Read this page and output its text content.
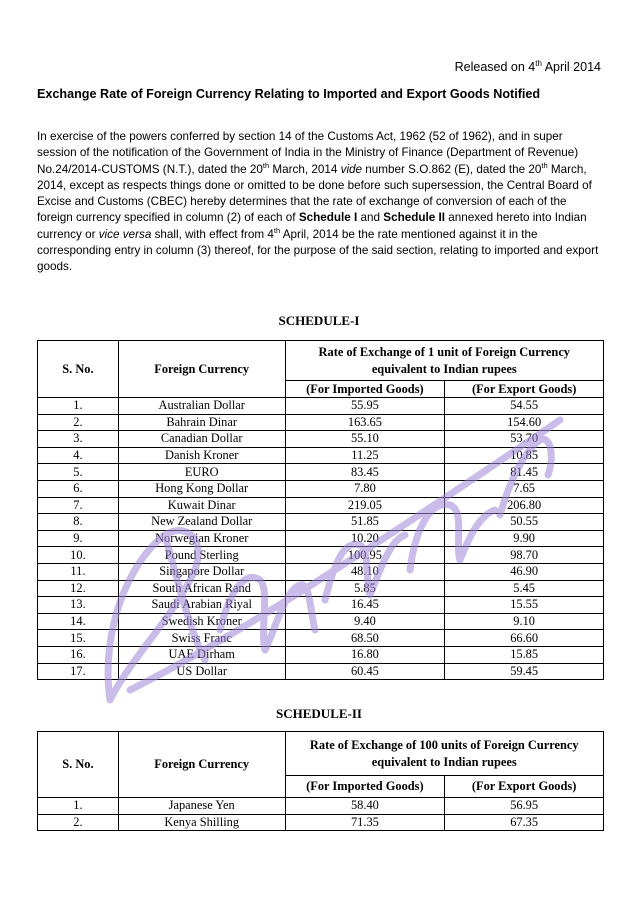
Released on 4th April 2014
Exchange Rate of Foreign Currency Relating to Imported and Export Goods Notified
In exercise of the powers conferred by section 14 of the Customs Act, 1962 (52 of 1962), and in super session of the notification of the Government of India in the Ministry of Finance (Department of Revenue) No.24/2014-CUSTOMS (N.T.), dated the 20th March, 2014 vide number S.O.862 (E), dated the 20th March, 2014, except as respects things done or omitted to be done before such supersession, the Central Board of Excise and Customs (CBEC) hereby determines that the rate of exchange of conversion of each of the foreign currency specified in column (2) of each of Schedule I and Schedule II annexed hereto into Indian currency or vice versa shall, with effect from 4th April, 2014 be the rate mentioned against it in the corresponding entry in column (3) thereof, for the purpose of the said section, relating to imported and export goods.
SCHEDULE-I
S. No.	Foreign Currency	Rate of Exchange of 1 unit of Foreign Currency equivalent to Indian rupees	
		(For Imported Goods)	(For Export Goods)
1.	Australian Dollar	55.95	54.55
2.	Bahrain Dinar	163.65	154.60
3.	Canadian Dollar	55.10	53.70
4.	Danish Kroner	11.25	10.85
5.	EURO	83.45	81.45
6.	Hong Kong Dollar	7.80	7.65
7.	Kuwait Dinar	219.05	206.80
8.	New Zealand Dollar	51.85	50.55
9.	Norwegian Kroner	10.20	9.90
10.	Pound Sterling	100.95	98.70
11.	Singapore Dollar	48.10	46.90
12.	South African Rand	5.85	5.45
13.	Saudi Arabian Riyal	16.45	15.55
14.	Swedish Kroner	9.40	9.10
15.	Swiss Franc	68.50	66.60
16.	UAE Dirham	16.80	15.85
17.	US Dollar	60.45	59.45
SCHEDULE-II
S. No.	Foreign Currency	Rate of Exchange of 100 units of Foreign Currency equivalent to Indian rupees	
		(For Imported Goods)	(For Export Goods)
1.	Japanese Yen	58.40	56.95
2.	Kenya Shilling	71.35	67.35
